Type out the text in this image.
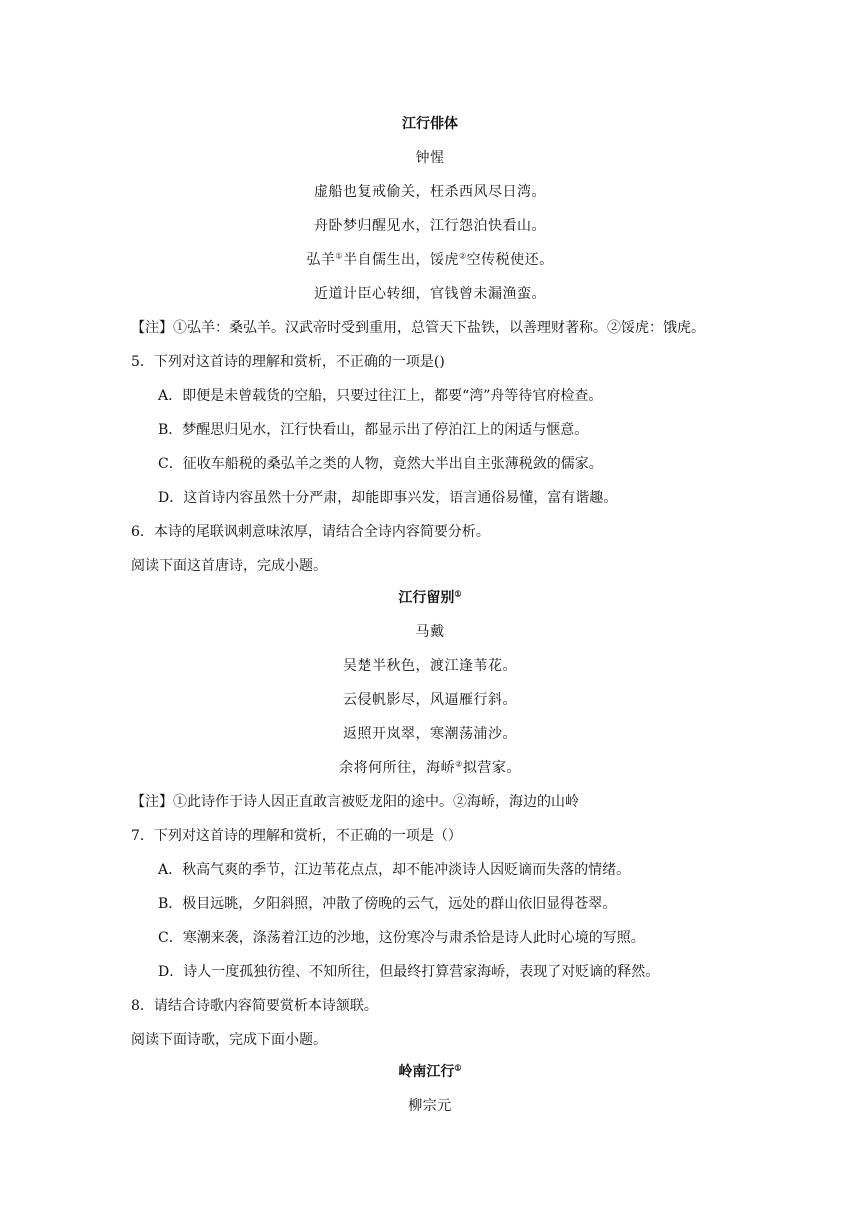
江行俳体
钟惺
虚船也复戒偷关，枉杀西风尽日湾。
舟卧梦归醒见水，江行怨泊快看山。
弘羊①半自儒生出，馁虎②空传税使还。
近道计臣心转细，官钱曾未漏渔蛮。
【注】①弘羊：桑弘羊。汉武帝时受到重用，总管天下盐铁，以善理财著称。②馁虎：饿虎。
5．下列对这首诗的理解和赏析，不正确的一项是()
A．即便是未曾载货的空船，只要过往江上，都要“湾”舟等待官府检查。
B．梦醒思归见水，江行快看山，都显示出了停泊江上的闲适与惬意。
C．征收车船税的桑弘羊之类的人物，竟然大半出自主张薄税敛的儒家。
D．这首诗内容虽然十分严肃，却能即事兴发，语言通俗易懂，富有谐趣。
6．本诗的尾联讽刺意味浓厚，请结合全诗内容简要分析。
阅读下面这首唐诗，完成小题。
江行留别①
马戴
吴楚半秋色，渡江逢苇花。
云侵帆影尽，风逼雁行斜。
返照开岚翠，寒潮荡浦沙。
余将何所往，海峤②拟营家。
【注】①此诗作于诗人因正直敢言被贬龙阳的途中。②海峤，海边的山岭
7．下列对这首诗的理解和赏析，不正确的一项是（）
A．秋高气爽的季节，江边苇花点点，却不能冲淡诗人因贬谪而失落的情绪。
B．极目远眺，夕阳斜照，冲散了傍晚的云气，远处的群山依旧显得苍翠。
C．寒潮来袭，涤荡着江边的沙地，这份寒冷与肃杀恰是诗人此时心境的写照。
D．诗人一度孤独彷徨、不知所往，但最终打算营家海峤，表现了对贬谪的释然。
8．请结合诗歌内容简要赏析本诗颔联。
阅读下面诗歌，完成下面小题。
岭南江行①
柳宗元
